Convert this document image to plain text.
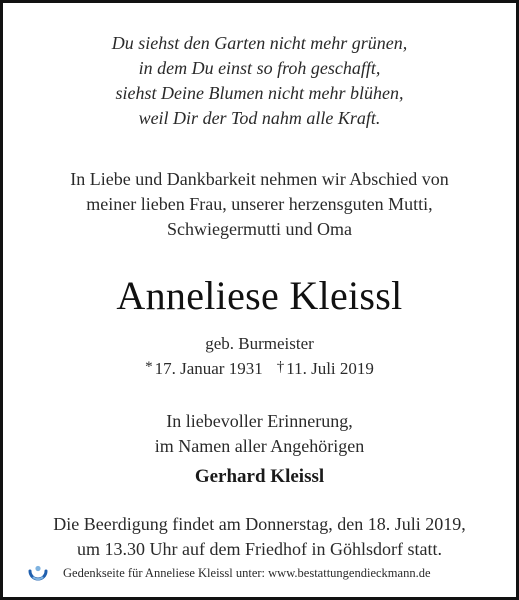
Du siehst den Garten nicht mehr grünen,
in dem Du einst so froh geschafft,
siehst Deine Blumen nicht mehr blühen,
weil Dir der Tod nahm alle Kraft.
In Liebe und Dankbarkeit nehmen wir Abschied von
meiner lieben Frau, unserer herzensguten Mutti,
Schwiegermutti und Oma
Anneliese Kleissl
geb. Burmeister
* 17. Januar 1931 † 11. Juli 2019
In liebevoller Erinnerung,
im Namen aller Angehörigen
Gerhard Kleissl
Die Beerdigung findet am Donnerstag, den 18. Juli 2019,
um 13.30 Uhr auf dem Friedhof in Göhlsdorf statt.
Gedenkseite für Anneliese Kleissl unter: www.bestattungendieckmann.de
